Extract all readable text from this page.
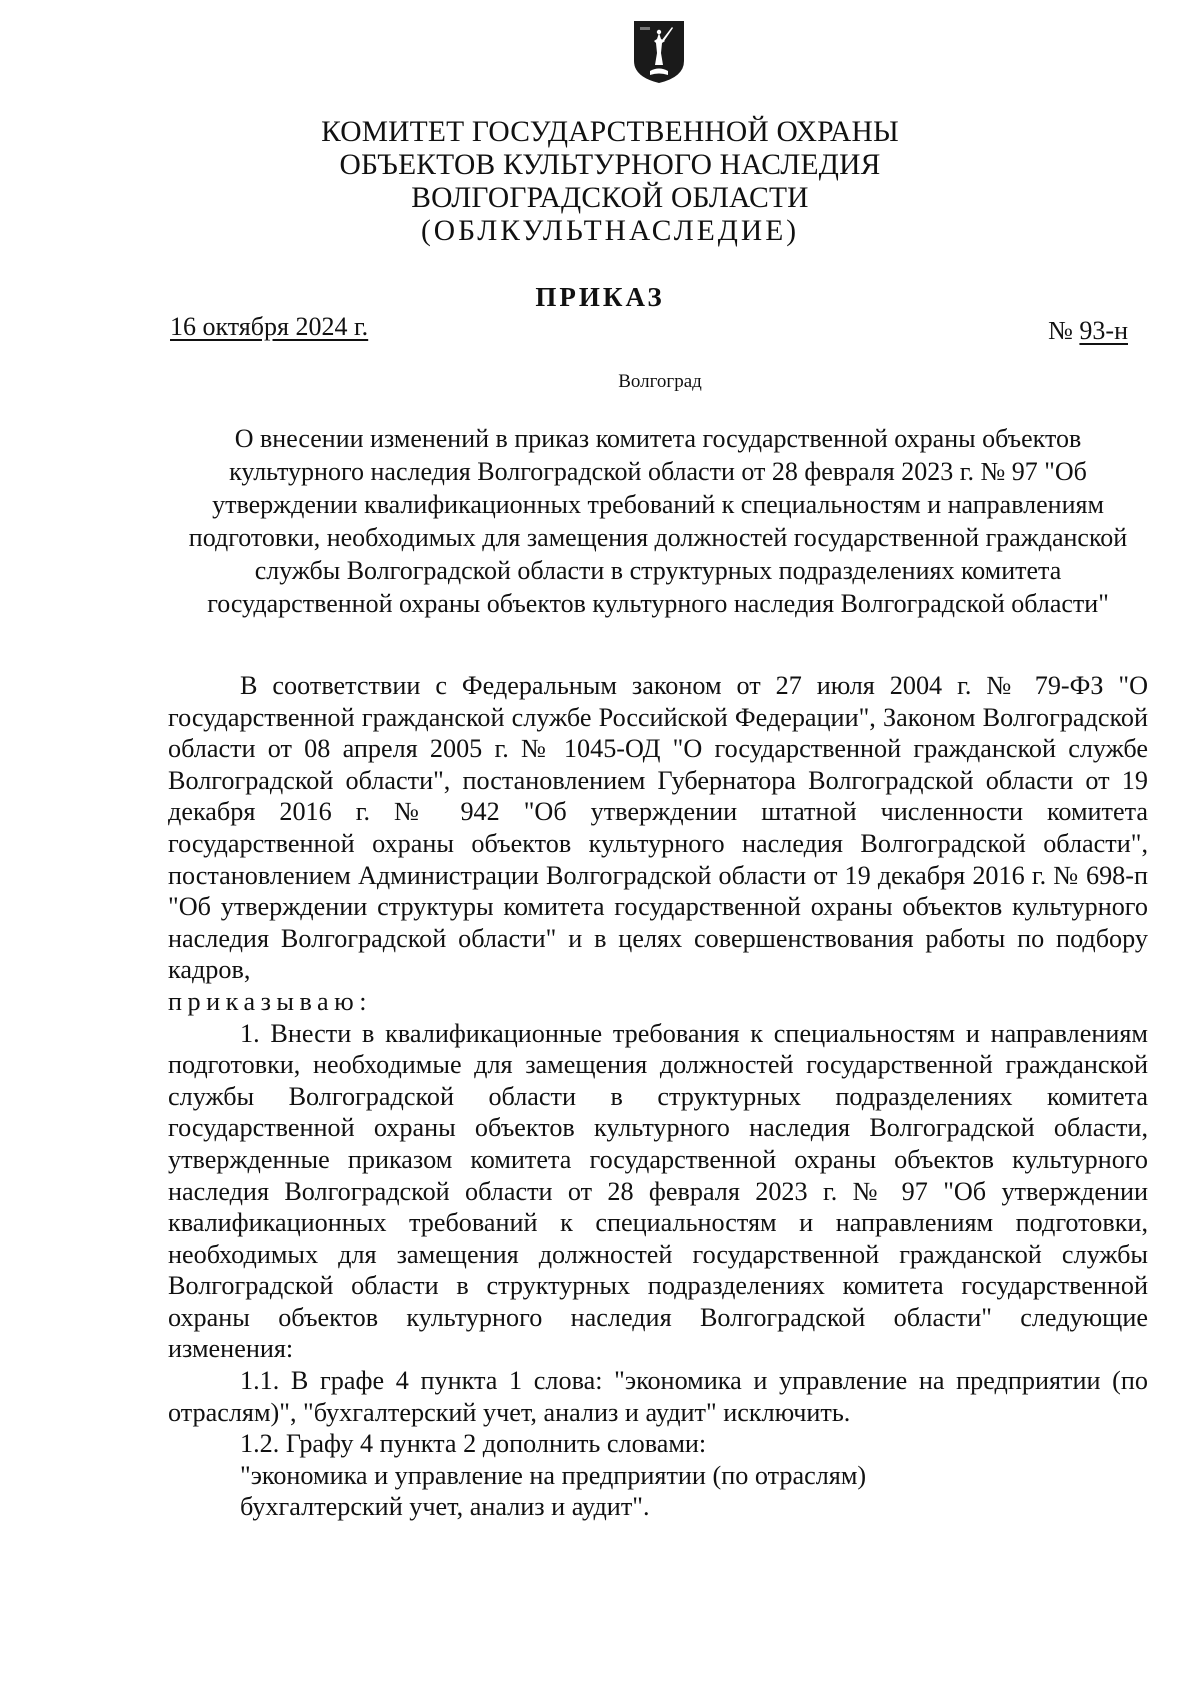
КОМИТЕТ ГОСУДАРСТВЕННОЙ ОХРАНЫ
ОБЪЕКТОВ КУЛЬТУРНОГО НАСЛЕДИЯ
ВОЛГОГРАДСКОЙ ОБЛАСТИ
(ОБЛКУЛЬТНАСЛЕДИЕ)
ПРИКАЗ
16 октября 2024 г.	№ 93-н
Волгоград
О внесении изменений в приказ комитета государственной охраны объектов культурного наследия Волгоградской области от 28 февраля 2023 г. № 97 "Об утверждении квалификационных требований к специальностям и направлениям подготовки, необходимых для замещения должностей государственной гражданской службы Волгоградской области в структурных подразделениях комитета государственной охраны объектов культурного наследия Волгоградской области"

В соответствии с Федеральным законом от 27 июля 2004 г. № 79-ФЗ "О государственной гражданской службе Российской Федерации", Законом Волгоградской области от 08 апреля 2005 г. № 1045-ОД "О государственной гражданской службе Волгоградской области", постановлением Губернатора Волгоградской области от 19 декабря 2016 г. № 942 "Об утверждении штатной численности комитета государственной охраны объектов культурного наследия Волгоградской области", постановлением Администрации Волгоградской области от 19 декабря 2016 г. № 698-п "Об утверждении структуры комитета государственной охраны объектов культурного наследия Волгоградской области" и в целях совершенствования работы по подбору кадров,

приказываю:

1. Внести в квалификационные требования к специальностям и направлениям подготовки, необходимые для замещения должностей государственной гражданской службы Волгоградской области в структурных подразделениях комитета государственной охраны объектов культурного наследия Волгоградской области, утвержденные приказом комитета государственной охраны объектов культурного наследия Волгоградской области от 28 февраля 2023 г. № 97 "Об утверждении квалификационных требований к специальностям и направлениям подготовки, необходимых для замещения должностей государственной гражданской службы Волгоградской области в структурных подразделениях комитета государственной охраны объектов культурного наследия Волгоградской области" следующие изменения:

1.1. В графе 4 пункта 1 слова: "экономика и управление на предприятии (по отраслям)", "бухгалтерский учет, анализ и аудит" исключить.

1.2. Графу 4 пункта 2 дополнить словами:

"экономика и управление на предприятии (по отраслям)

бухгалтерский учет, анализ и аудит".
